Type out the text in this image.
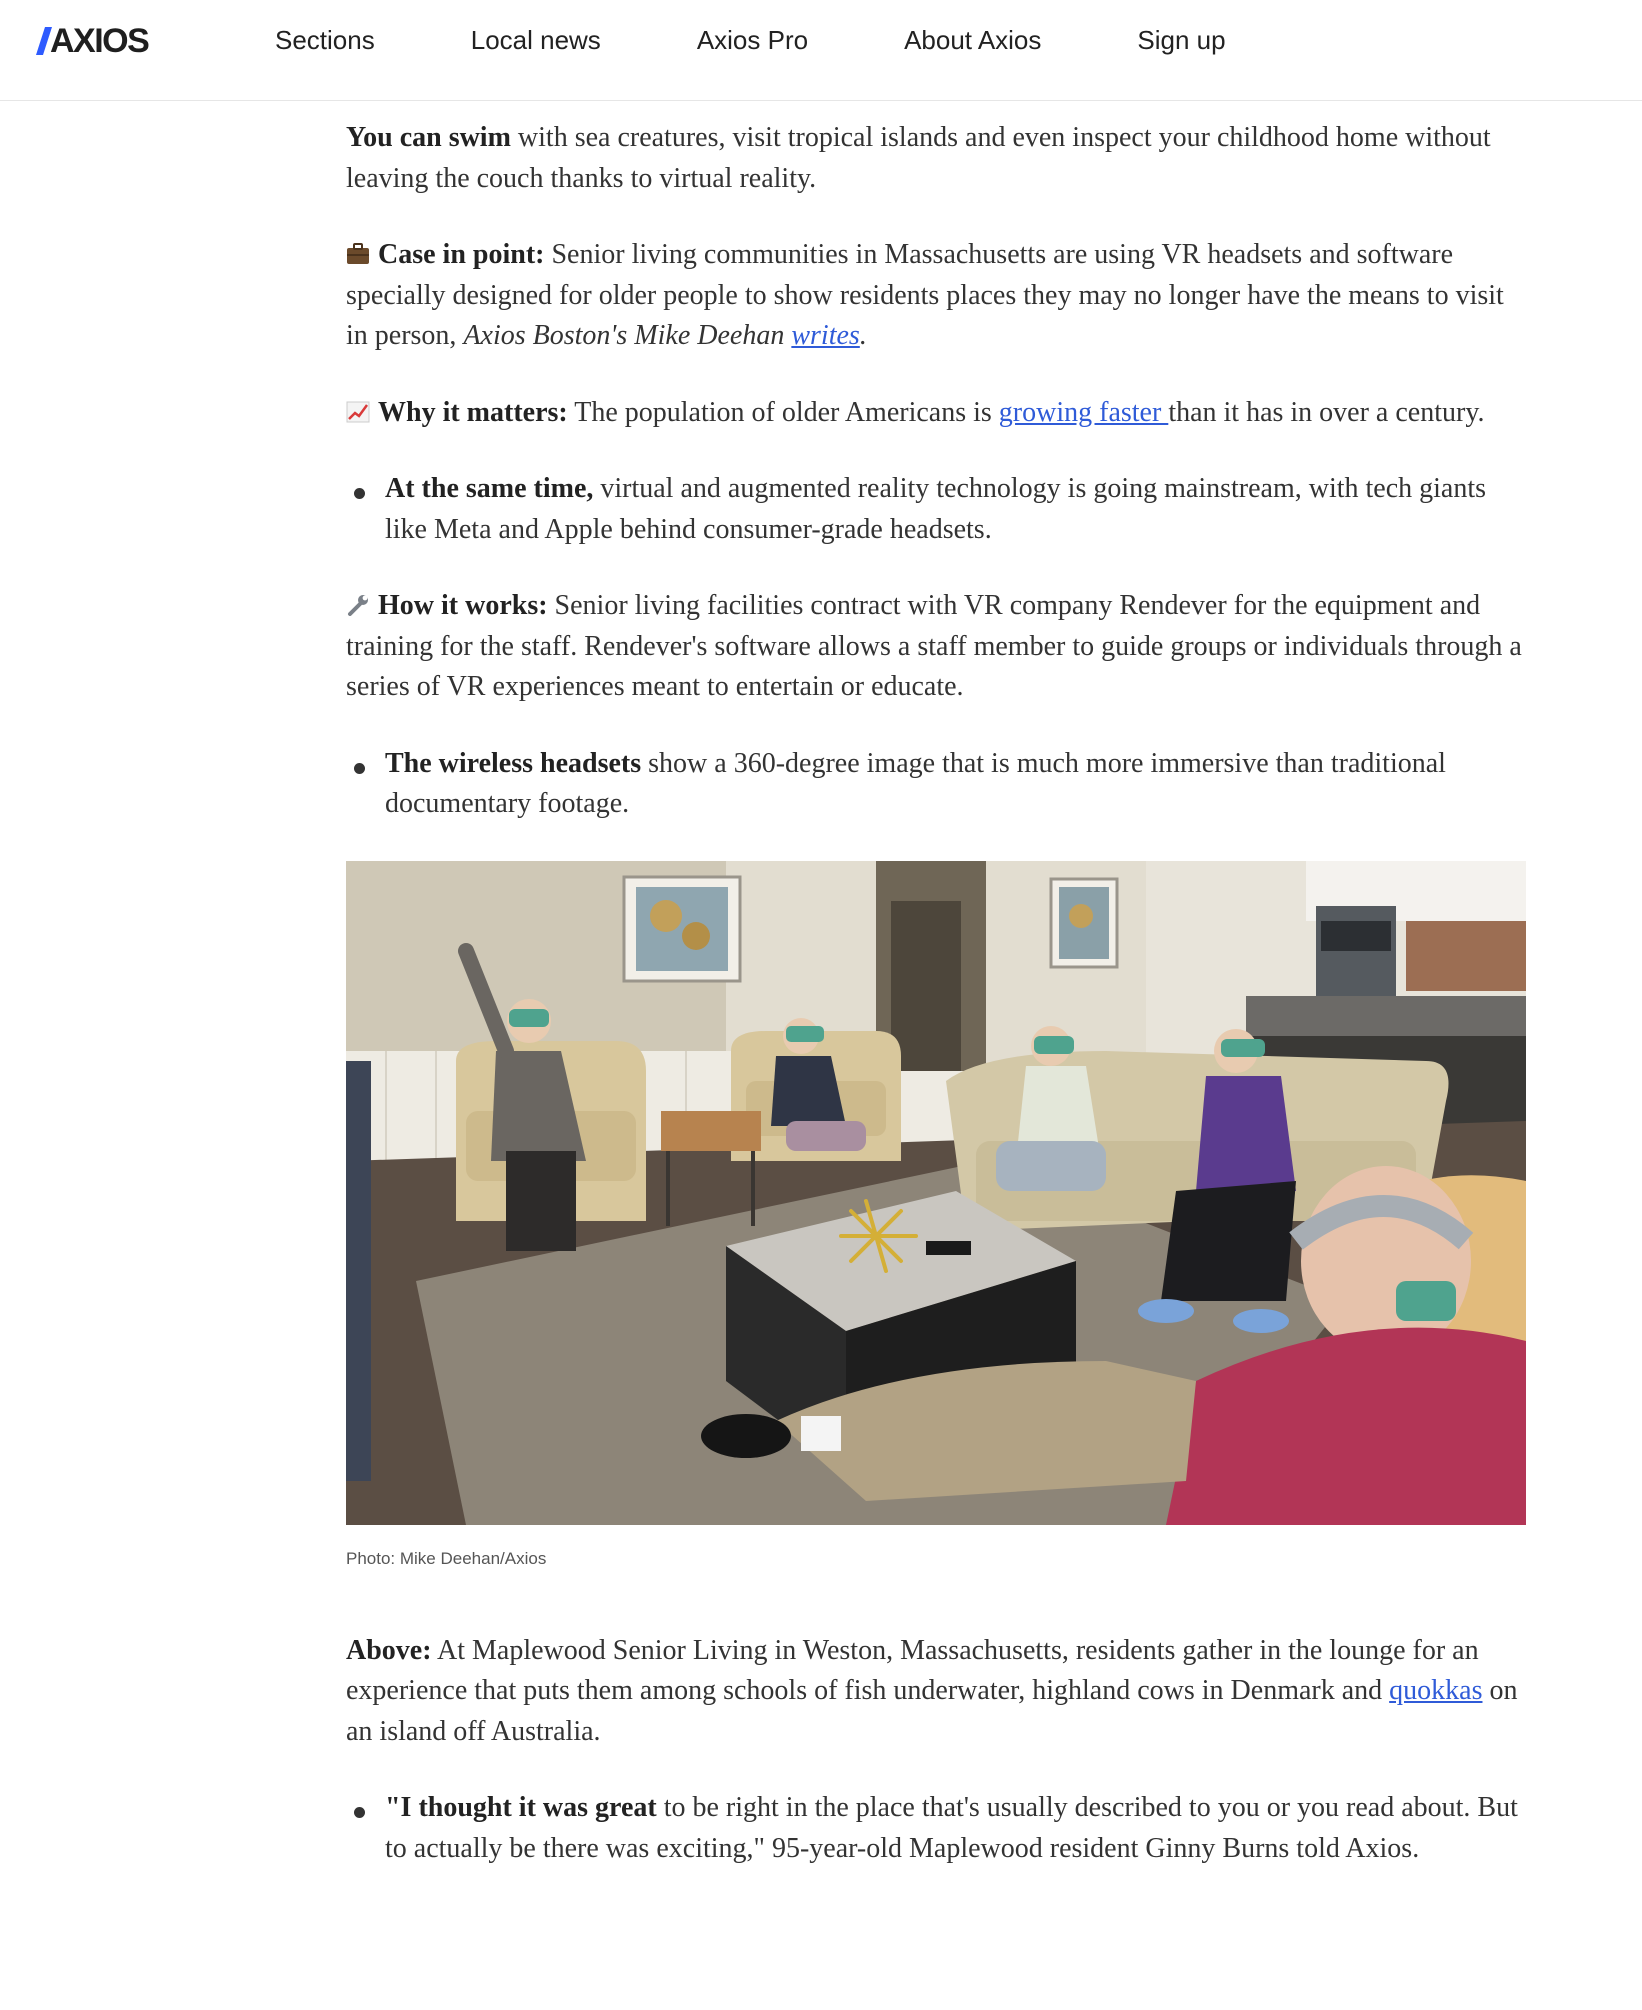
AXIOS	Sections	Local news	Axios Pro	About Axios	Sign up

You can swim with sea creatures, visit tropical islands and even inspect your childhood home without leaving the couch thanks to virtual reality.

Case in point: Senior living communities in Massachusetts are using VR headsets and software specially designed for older people to show residents places they may no longer have the means to visit in person, Axios Boston's Mike Deehan writes.

Why it matters: The population of older Americans is growing faster than it has in over a century.

At the same time, virtual and augmented reality technology is going mainstream, with tech giants like Meta and Apple behind consumer-grade headsets.

How it works: Senior living facilities contract with VR company Rendever for the equipment and training for the staff. Rendever's software allows a staff member to guide groups or individuals through a series of VR experiences meant to entertain or educate.

The wireless headsets show a 360-degree image that is much more immersive than traditional documentary footage.

Photo: Mike Deehan/Axios

Above: At Maplewood Senior Living in Weston, Massachusetts, residents gather in the lounge for an experience that puts them among schools of fish underwater, highland cows in Denmark and quokkas on an island off Australia.

"I thought it was great to be right in the place that's usually described to you or you read about. But to actually be there was exciting," 95-year-old Maplewood resident Ginny Burns told Axios.
